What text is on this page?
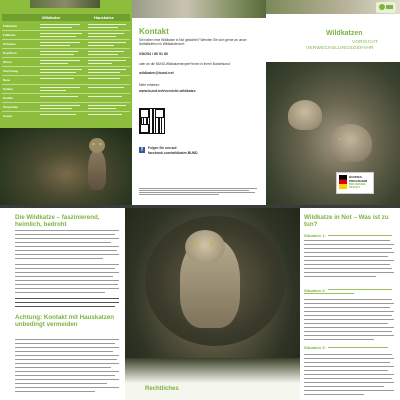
Wildkatze	Hauskatze
Felldichte
Fellfarbe
Schwanz
Kopfform
Ohren
Zeichnung
Nase
Sohlen
Krallen
Körperbau
Augen
Kontakt
Sie haben eine Wildkatze in Not gesichtet? Wenden Sie sich gerne an unser Notfalltelefon im Wildkatzendorf:
036254 / 86 51 80
oder an die BUND-Wildkatzenexpert*innen in Ihrem Bundesland:
wildkatze@bund.net
Mehr erfahren:
www.bund.net/vorsicht-wildkatze
f	Folgen Sie uns auf:
facebook.com/wildkatze.BUND
Wildkatzen
VORSICHT
VERWECHSLUNGSGEFAHR
BUNDES-
PROGRAMM
BIOLOGISCHE VIELFALT
Die Wildkatze – faszinierend, heimlich, bedroht
Achtung: Kontakt mit Hauskatzen unbedingt vermeiden
Rechtliches
Wildkatze in Not – Was ist zu tun?
Situation 1:
Situation 2:
Situation 3:
